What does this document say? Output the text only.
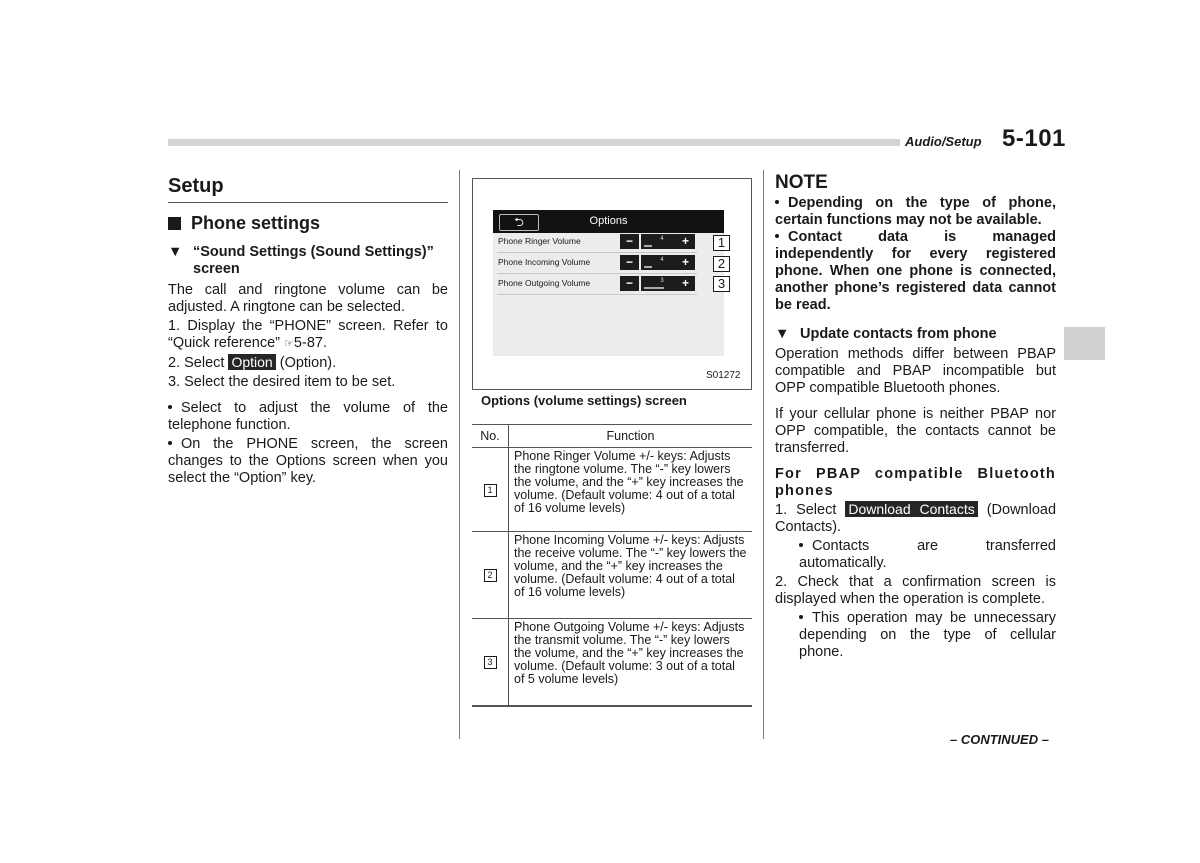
Audio/Setup 5-101
Setup
Phone settings
▼ “Sound Settings (Sound Settings)” screen

The call and ringtone volume can be adjusted. A ringtone can be selected.

1. Display the “PHONE” screen. Refer to “Quick reference” ☞5-87.

2. Select Option (Option).

3. Select the desired item to be set.

Select to adjust the volume of the telephone function.

On the PHONE screen, the screen changes to the Options screen when you select the “Option” key.

Options
⮌
Phone Ringer Volume	−	4	+
Phone Incoming Volume	−	4	+
Phone Outgoing Volume	−	3	+
1
2
3
S01272
Options (volume settings) screen
No.	Function
1	Phone Ringer Volume +/- keys: Adjusts the ringtone volume. The “-” key lowers the volume, and the “+” key increases the volume. (Default volume: 4 out of a total of 16 volume levels)
2	Phone Incoming Volume +/- keys: Adjusts the receive volume. The “-” key lowers the volume, and the “+” key increases the volume. (Default volume: 4 out of a total of 16 volume levels)
3	Phone Outgoing Volume +/- keys: Adjusts the transmit volume. The “-” key lowers the volume, and the “+” key increases the volume. (Default volume: 3 out of a total of 5 volume levels)
NOTE

Depending on the type of phone, certain functions may not be available.

Contact data is managed independently for every registered phone. When one phone is connected, another phone’s registered data cannot be read.

▼ Update contacts from phone

Operation methods differ between PBAP compatible and PBAP incompatible but OPP compatible Bluetooth phones.

If your cellular phone is neither PBAP nor OPP compatible, the contacts cannot be transferred.

For PBAP compatible Bluetooth phones

1. Select Download Contacts (Download Contacts).

Contacts are transferred automatically.

2. Check that a confirmation screen is displayed when the operation is complete.

This operation may be unnecessary depending on the type of cellular phone.

– CONTINUED –
